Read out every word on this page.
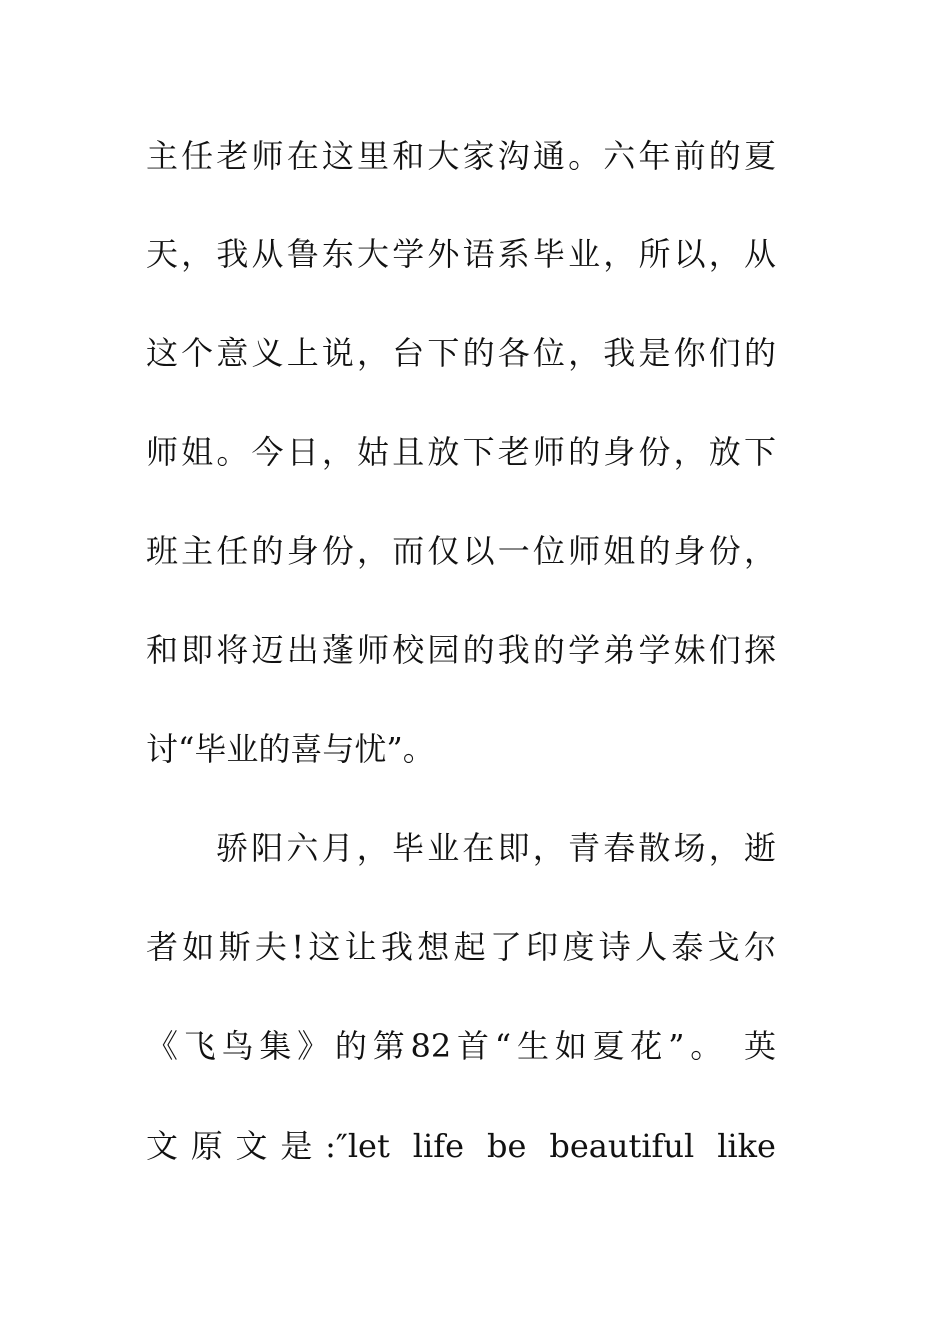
主任老师在这里和大家沟通。六年前的夏
天，我从鲁东大学外语系毕业，所以，从
这个意义上说，台下的各位，我是你们的
师姐。今日，姑且放下老师的身份，放下
班主任的身份，而仅以一位师姐的身份，
和即将迈出蓬师校园的我的学弟学妹们探
讨“毕业的喜与忧”。
骄阳六月，毕业在即，青春散场，逝
者如斯夫!这让我想起了印度诗人泰戈尔
《飞鸟集》的第82首“生如夏花”。 英
文原文是:″let life be beautiful like
